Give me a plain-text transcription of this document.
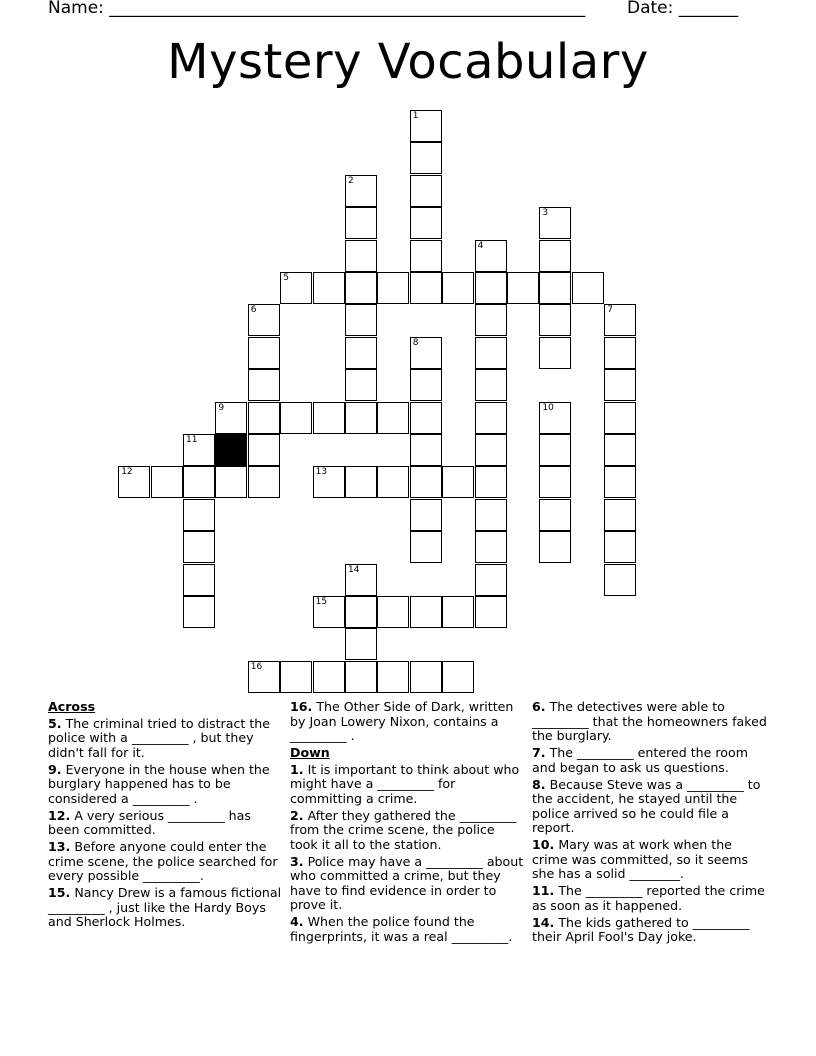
Name: ________________________________________________________ Date: _______
Mystery Vocabulary
1
2
3
4
5
6	7
8
9	10
11
12	13
14
15
16
Across
5. The criminal tried to distract the police with a _________ , but they didn't fall for it.
9. Everyone in the house when the burglary happened has to be considered a _________ .
12. A very serious _________ has been committed.
13. Before anyone could enter the crime scene, the police searched for every possible _________.
15. Nancy Drew is a famous fictional _________ , just like the Hardy Boys and Sherlock Holmes.
16. The Other Side of Dark, written by Joan Lowery Nixon, contains a _________ .
Down
1. It is important to think about who might have a _________ for committing a crime.
2. After they gathered the _________ from the crime scene, the police took it all to the station.
3. Police may have a _________ about who committed a crime, but they have to find evidence in order to prove it.
4. When the police found the fingerprints, it was a real _________.
6. The detectives were able to _________ that the homeowners faked the burglary.
7. The _________ entered the room and began to ask us questions.
8. Because Steve was a _________ to the accident, he stayed until the police arrived so he could file a report.
10. Mary was at work when the crime was committed, so it seems she has a solid ________.
11. The _________ reported the crime as soon as it happened.
14. The kids gathered to _________ their April Fool's Day joke.
